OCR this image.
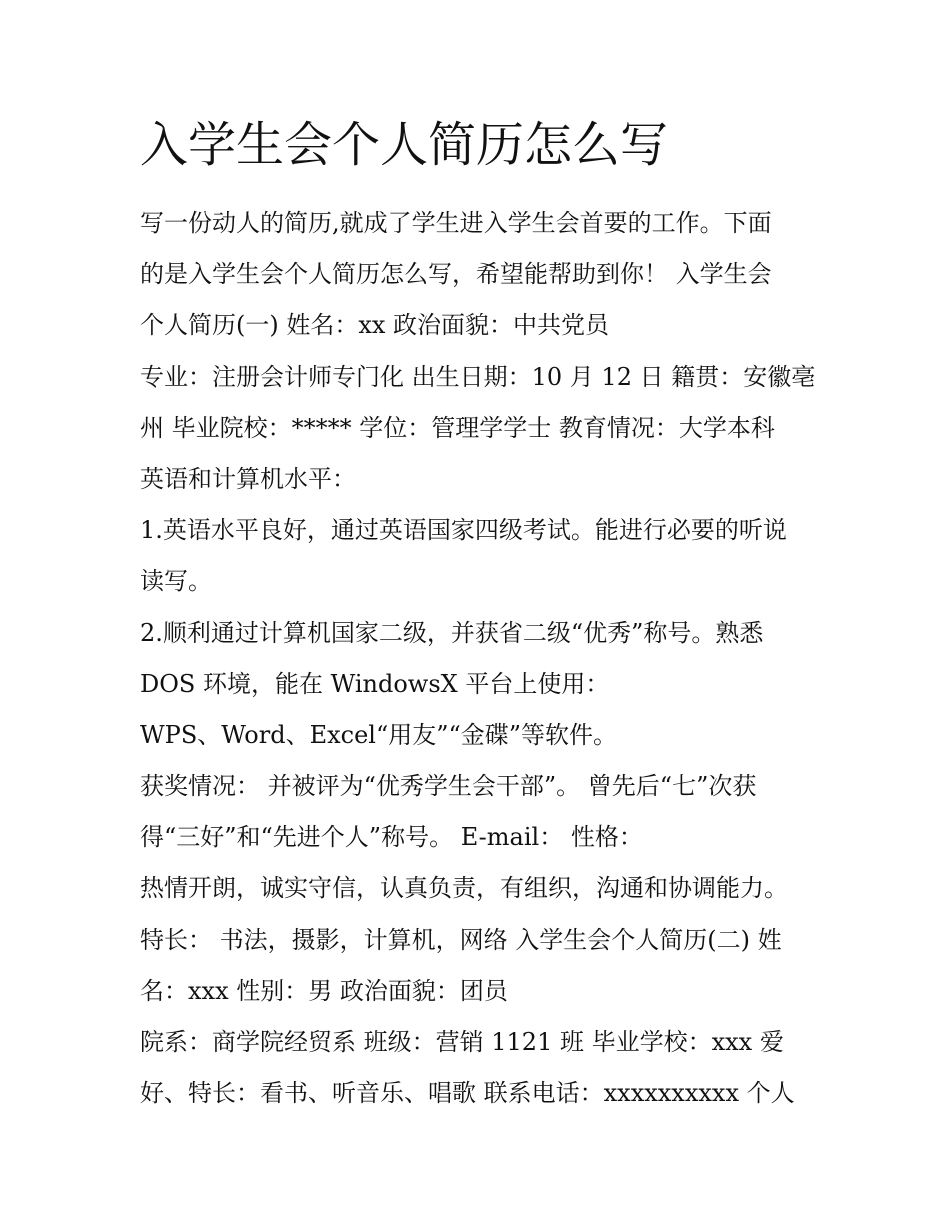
入学生会个人简历怎么写
写一份动人的简历,就成了学生进入学生会首要的工作。下面
的是入学生会个人简历怎么写，希望能帮助到你！ 入学生会
个人简历(一) 姓名：xx 政治面貌：中共党员
专业：注册会计师专门化 出生日期：10 月 12 日 籍贯：安徽亳
州 毕业院校：***** 学位：管理学学士 教育情况：大学本科
英语和计算机水平：
1.英语水平良好，通过英语国家四级考试。能进行必要的听说
读写。
2.顺利通过计算机国家二级，并获省二级“优秀”称号。熟悉
DOS 环境，能在 WindowsX 平台上使用：
WPS、Word、Excel“用友”“金碟”等软件。
获奖情况： 并被评为“优秀学生会干部”。 曾先后“七”次获
得“三好”和“先进个人”称号。 E-mail： 性格：
热情开朗，诚实守信，认真负责，有组织，沟通和协调能力。
特长： 书法，摄影，计算机，网络 入学生会个人简历(二) 姓
名：xxx 性别：男 政治面貌：团员
院系：商学院经贸系 班级：营销 1121 班 毕业学校：xxx 爱
好、特长：看书、听音乐、唱歌 联系电话：xxxxxxxxxx 个人
